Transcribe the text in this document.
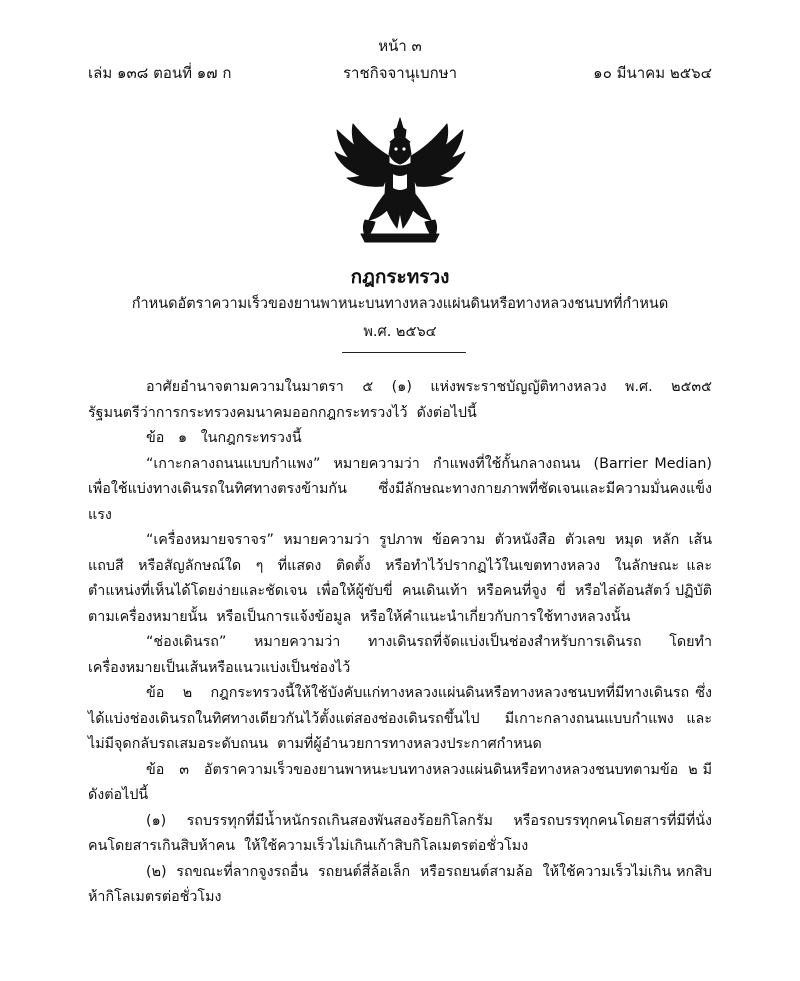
หน้า ๓
เล่ม ๑๓๘ ตอนที่ ๑๗ ก	ราชกิจจานุเบกษา	๑๐ มีนาคม ๒๕๖๔
กฎกระทรวง
กำหนดอัตราความเร็วของยานพาหนะบนทางหลวงแผ่นดินหรือทางหลวงชนบทที่กำหนด
พ.ศ. ๒๕๖๔

อาศัยอำนาจตามความในมาตรา  ๕  (๑)  แห่งพระราชบัญญัติทางหลวง  พ.ศ.  ๒๕๓๕ รัฐมนตรีว่าการกระทรวงคมนาคมออกกฎกระทรวงไว้  ดังต่อไปนี้

ข้อ   ๑   ในกฎกระทรวงนี้

“เกาะกลางถนนแบบกำแพง”  หมายความว่า  กำแพงที่ใช้กั้นกลางถนน  (Barrier Median) เพื่อใช้แบ่งทางเดินรถในทิศทางตรงข้ามกัน  ซึ่งมีลักษณะทางกายภาพที่ชัดเจนและมีความมั่นคงแข็งแรง

“เครื่องหมายจราจร”  หมายความว่า  รูปภาพ  ข้อความ  ตัวหนังสือ  ตัวเลข  หมุด  หลัก  เส้น แถบสี  หรือสัญลักษณ์ใด  ๆ  ที่แสดง  ติดตั้ง  หรือทำไว้ปรากฏไว้ในเขตทางหลวง  ในลักษณะ และตำแหน่งที่เห็นได้โดยง่ายและชัดเจน  เพื่อให้ผู้ขับขี่  คนเดินเท้า  หรือคนที่จูง  ขี่  หรือไล่ต้อนสัตว์ ปฏิบัติตามเครื่องหมายนั้น  หรือเป็นการแจ้งข้อมูล  หรือให้คำแนะนำเกี่ยวกับการใช้ทางหลวงนั้น

“ช่องเดินรถ”  หมายความว่า  ทางเดินรถที่จัดแบ่งเป็นช่องสำหรับการเดินรถ  โดยทำ เครื่องหมายเป็นเส้นหรือแนวแบ่งเป็นช่องไว้

ข้อ   ๒   กฎกระทรวงนี้ให้ใช้บังคับแก่ทางหลวงแผ่นดินหรือทางหลวงชนบทที่มีทางเดินรถ ซึ่งได้แบ่งช่องเดินรถในทิศทางเดียวกันไว้ตั้งแต่สองช่องเดินรถขึ้นไป  มีเกาะกลางถนนแบบกำแพง และไม่มีจุดกลับรถเสมอระดับถนน  ตามที่ผู้อำนวยการทางหลวงประกาศกำหนด

ข้อ   ๓   อัตราความเร็วของยานพาหนะบนทางหลวงแผ่นดินหรือทางหลวงชนบทตามข้อ  ๒ มีดังต่อไปนี้

(๑)  รถบรรทุกที่มีน้ำหนักรถเกินสองพันสองร้อยกิโลกรัม  หรือรถบรรทุกคนโดยสารที่มีที่นั่ง คนโดยสารเกินสิบห้าคน  ให้ใช้ความเร็วไม่เกินเก้าสิบกิโลเมตรต่อชั่วโมง

(๒)  รถขณะที่ลากจูงรถอื่น  รถยนต์สี่ล้อเล็ก  หรือรถยนต์สามล้อ  ให้ใช้ความเร็วไม่เกิน หกสิบห้ากิโลเมตรต่อชั่วโมง
